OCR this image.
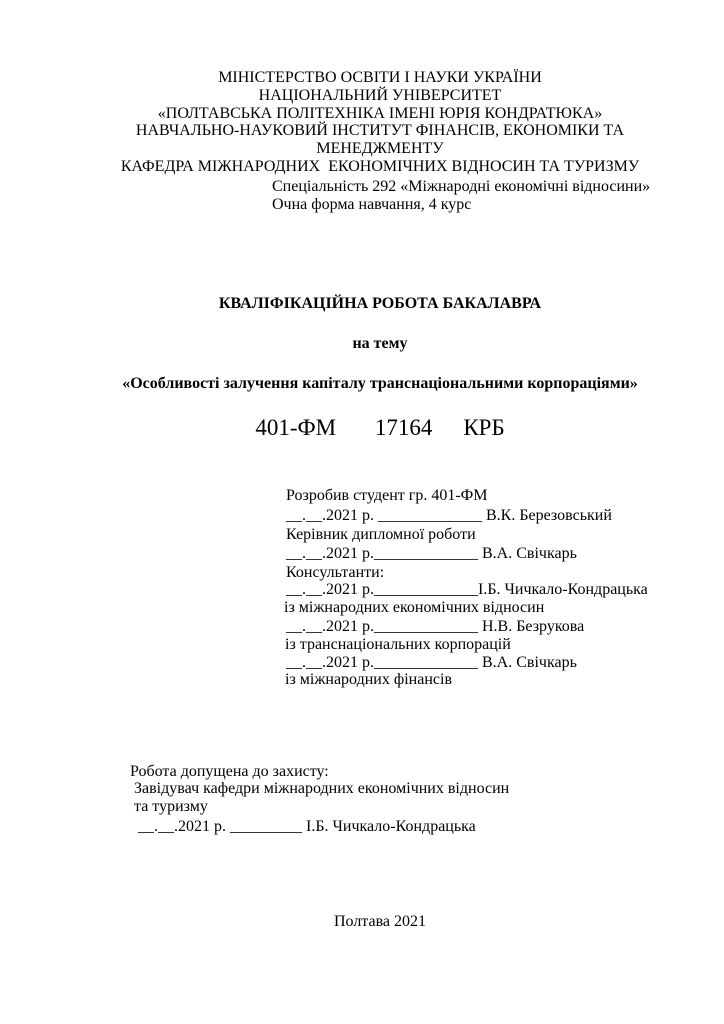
МІНІСТЕРСТВО ОСВІТИ І НАУКИ УКРАЇНИ
НАЦІОНАЛЬНИЙ УНІВЕРСИТЕТ
«ПОЛТАВСЬКА ПОЛІТЕХНІКА ІМЕНІ ЮРІЯ КОНДРАТЮКА»
НАВЧАЛЬНО-НАУКОВИЙ ІНСТИТУТ ФІНАНСІВ, ЕКОНОМІКИ ТА
МЕНЕДЖМЕНТУ
КАФЕДРА МІЖНАРОДНИХ  ЕКОНОМІЧНИХ ВІДНОСИН ТА ТУРИЗМУ
Спеціальність 292 «Міжнародні економічні відносини»
Очна форма навчання, 4 курс
КВАЛІФІКАЦІЙНА РОБОТА БАКАЛАВРА
на тему
«Особливості залучення капіталу транснаціональними корпораціями»
401-ФМ     17164    КРБ
Розробив студент гр. 401-ФМ
__.__.2021 р. _____________ В.К. Березовський
Керівник дипломної роботи
__.__.2021 р._____________ В.А. Свічкарь
Консультанти:
__.__.2021 р._____________І.Б. Чичкало-Кондрацька
із міжнародних економічних відносин
__.__.2021 р._____________ Н.В. Безрукова
із транснаціональних корпорацій
__.__.2021 р._____________ В.А. Свічкарь
із міжнародних фінансів
Робота допущена до захисту:
Завідувач кафедри міжнародних економічних відносин
та туризму
__.__.2021 р. _________ І.Б. Чичкало-Кондрацька
Полтава 2021
